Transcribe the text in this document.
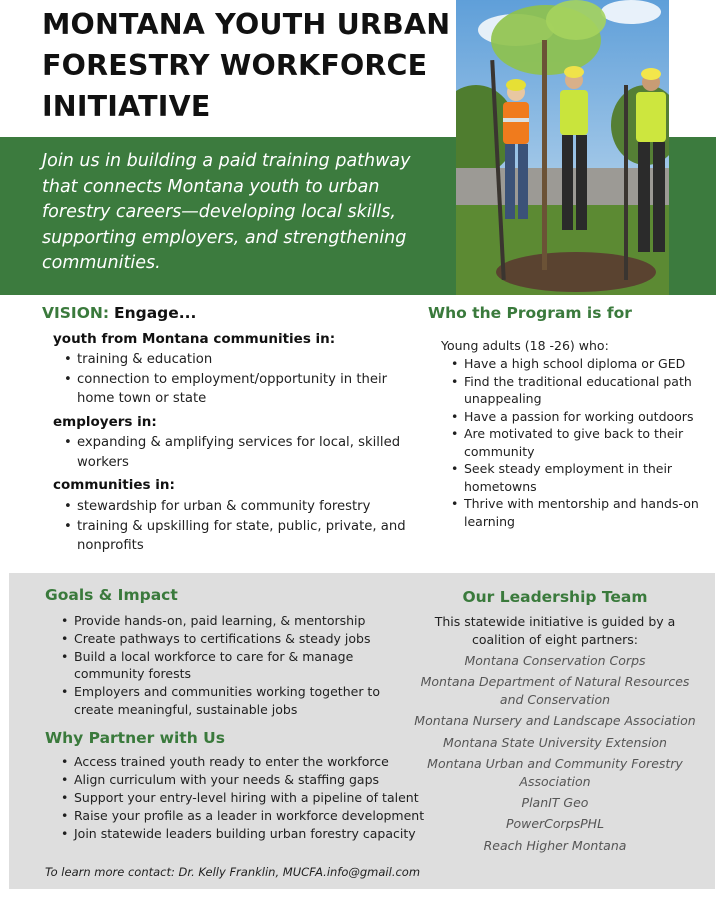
MONTANA YOUTH URBAN
FORESTRY WORKFORCE
INITIATIVE

Join us in building a paid training pathway that connects Montana youth to urban forestry careers—developing local skills, supporting employers, and strengthening communities.

VISION: Engage...
youth from Montana communities in:
• training & education
• connection to employment/opportunity in their home town or state
employers in:
• expanding & amplifying services for local, skilled workers
communities in:
• stewardship for urban & community forestry
• training & upskilling for state, public, private, and nonprofits
Who the Program is for
Young adults (18 -26) who:
• Have a high school diploma or GED
• Find the traditional educational path unappealing
• Have a passion for working outdoors
• Are motivated to give back to their community
• Seek steady employment in their hometowns
• Thrive with mentorship and hands-on learning
Goals & Impact
• Provide hands-on, paid learning, & mentorship
• Create pathways to certifications & steady jobs
• Build a local workforce to care for & manage community forests
• Employers and communities working together to create meaningful, sustainable jobs
Why Partner with Us
• Access trained youth ready to enter the workforce
• Align curriculum with your needs & staffing gaps
• Support your entry-level hiring with a pipeline of talent
• Raise your profile as a leader in workforce development
• Join statewide leaders building urban forestry capacity
To learn more contact: Dr. Kelly Franklin, MUCFA.info@gmail.com
Our Leadership Team
This statewide initiative is guided by a coalition of eight partners:
Montana Conservation Corps
Montana Department of Natural Resources and Conservation
Montana Nursery and Landscape Association
Montana State University Extension
Montana Urban and Community Forestry Association
PlanIT Geo
PowerCorpsPHL
Reach Higher Montana
